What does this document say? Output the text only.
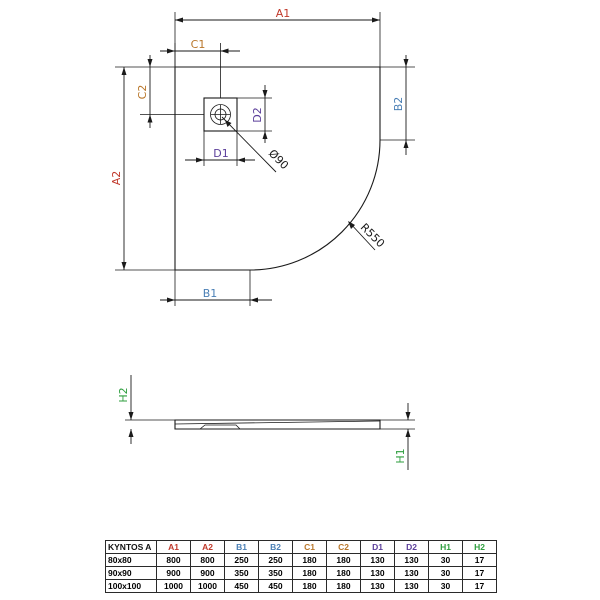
A1
C1
C2
A2
B2
D2
D1	Ø90
R550
B1
H2
H1
KYNTOS A	A1	A2	B1	B2	C1	C2	D1	D2	H1	H2
80x80	800	800	250	250	180	180	130	130	30	17
90x90	900	900	350	350	180	180	130	130	30	17
100x100	1000	1000	450	450	180	180	130	130	30	17
